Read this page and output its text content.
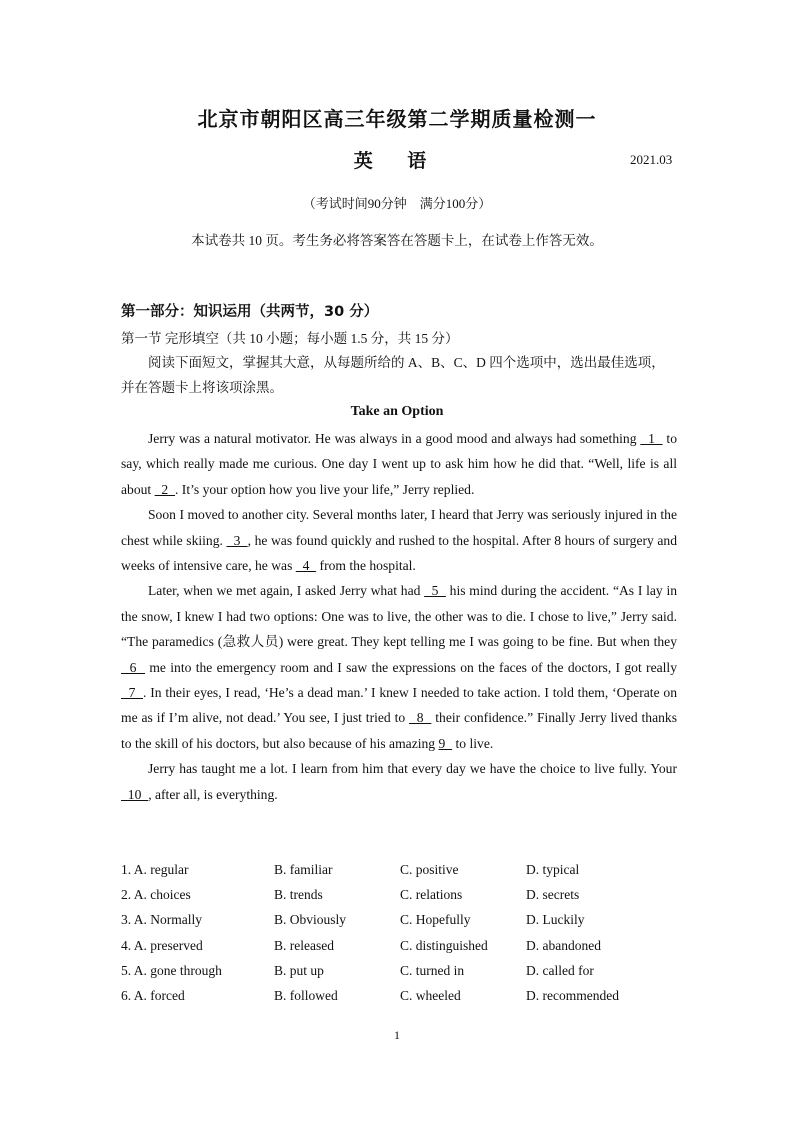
北京市朝阳区高三年级第二学期质量检测一
英 语	2021.03
（考试时间90分钟　满分100分）
本试卷共 10 页。考生务必将答案答在答题卡上，在试卷上作答无效。
第一部分：知识运用（共两节，30 分）
第一节 完形填空（共 10 小题；每小题 1.5 分，共 15 分）

阅读下面短文，掌握其大意，从每题所给的 A、B、C、D 四个选项中，选出最佳选项，并在答题卡上将该项涂黑。

Take an Option

Jerry was a natural motivator. He was always in a good mood and always had something   1   to say, which really made me curious. One day I went up to ask him how he did that. “Well, life is all about   2  . It’s your option how you live your life,” Jerry replied.

Soon I moved to another city. Several months later, I heard that Jerry was seriously injured in the chest while skiing.   3  , he was found quickly and rushed to the hospital. After 8 hours of surgery and weeks of intensive care, he was   4   from the hospital.

Later, when we met again, I asked Jerry what had   5   his mind during the accident. “As I lay in the snow, I knew I had two options: One was to live, the other was to die. I chose to live,” Jerry said. “The paramedics (急救人员) were great. They kept telling me I was going to be fine. But when they   6   me into the emergency room and I saw the expressions on the faces of the doctors, I got really   7  . In their eyes, I read, ‘He’s a dead man.’ I knew I needed to take action. I told them, ‘Operate on me as if I’m alive, not dead.’ You see, I just tried to   8   their confidence.” Finally Jerry lived thanks to the skill of his doctors, but also because of his amazing 9   to live.

Jerry has taught me a lot. I learn from him that every day we have the choice to live fully. Your   10  , after all, is everything.

1. A. regular	B. familiar	C. positive	D. typical
2. A. choices	B. trends	C. relations	D. secrets
3. A. Normally	B. Obviously	C. Hopefully	D. Luckily
4. A. preserved	B. released	C. distinguished	D. abandoned
5. A. gone through	B. put up	C. turned in	D. called for
6. A. forced	B. followed	C. wheeled	D. recommended
1
